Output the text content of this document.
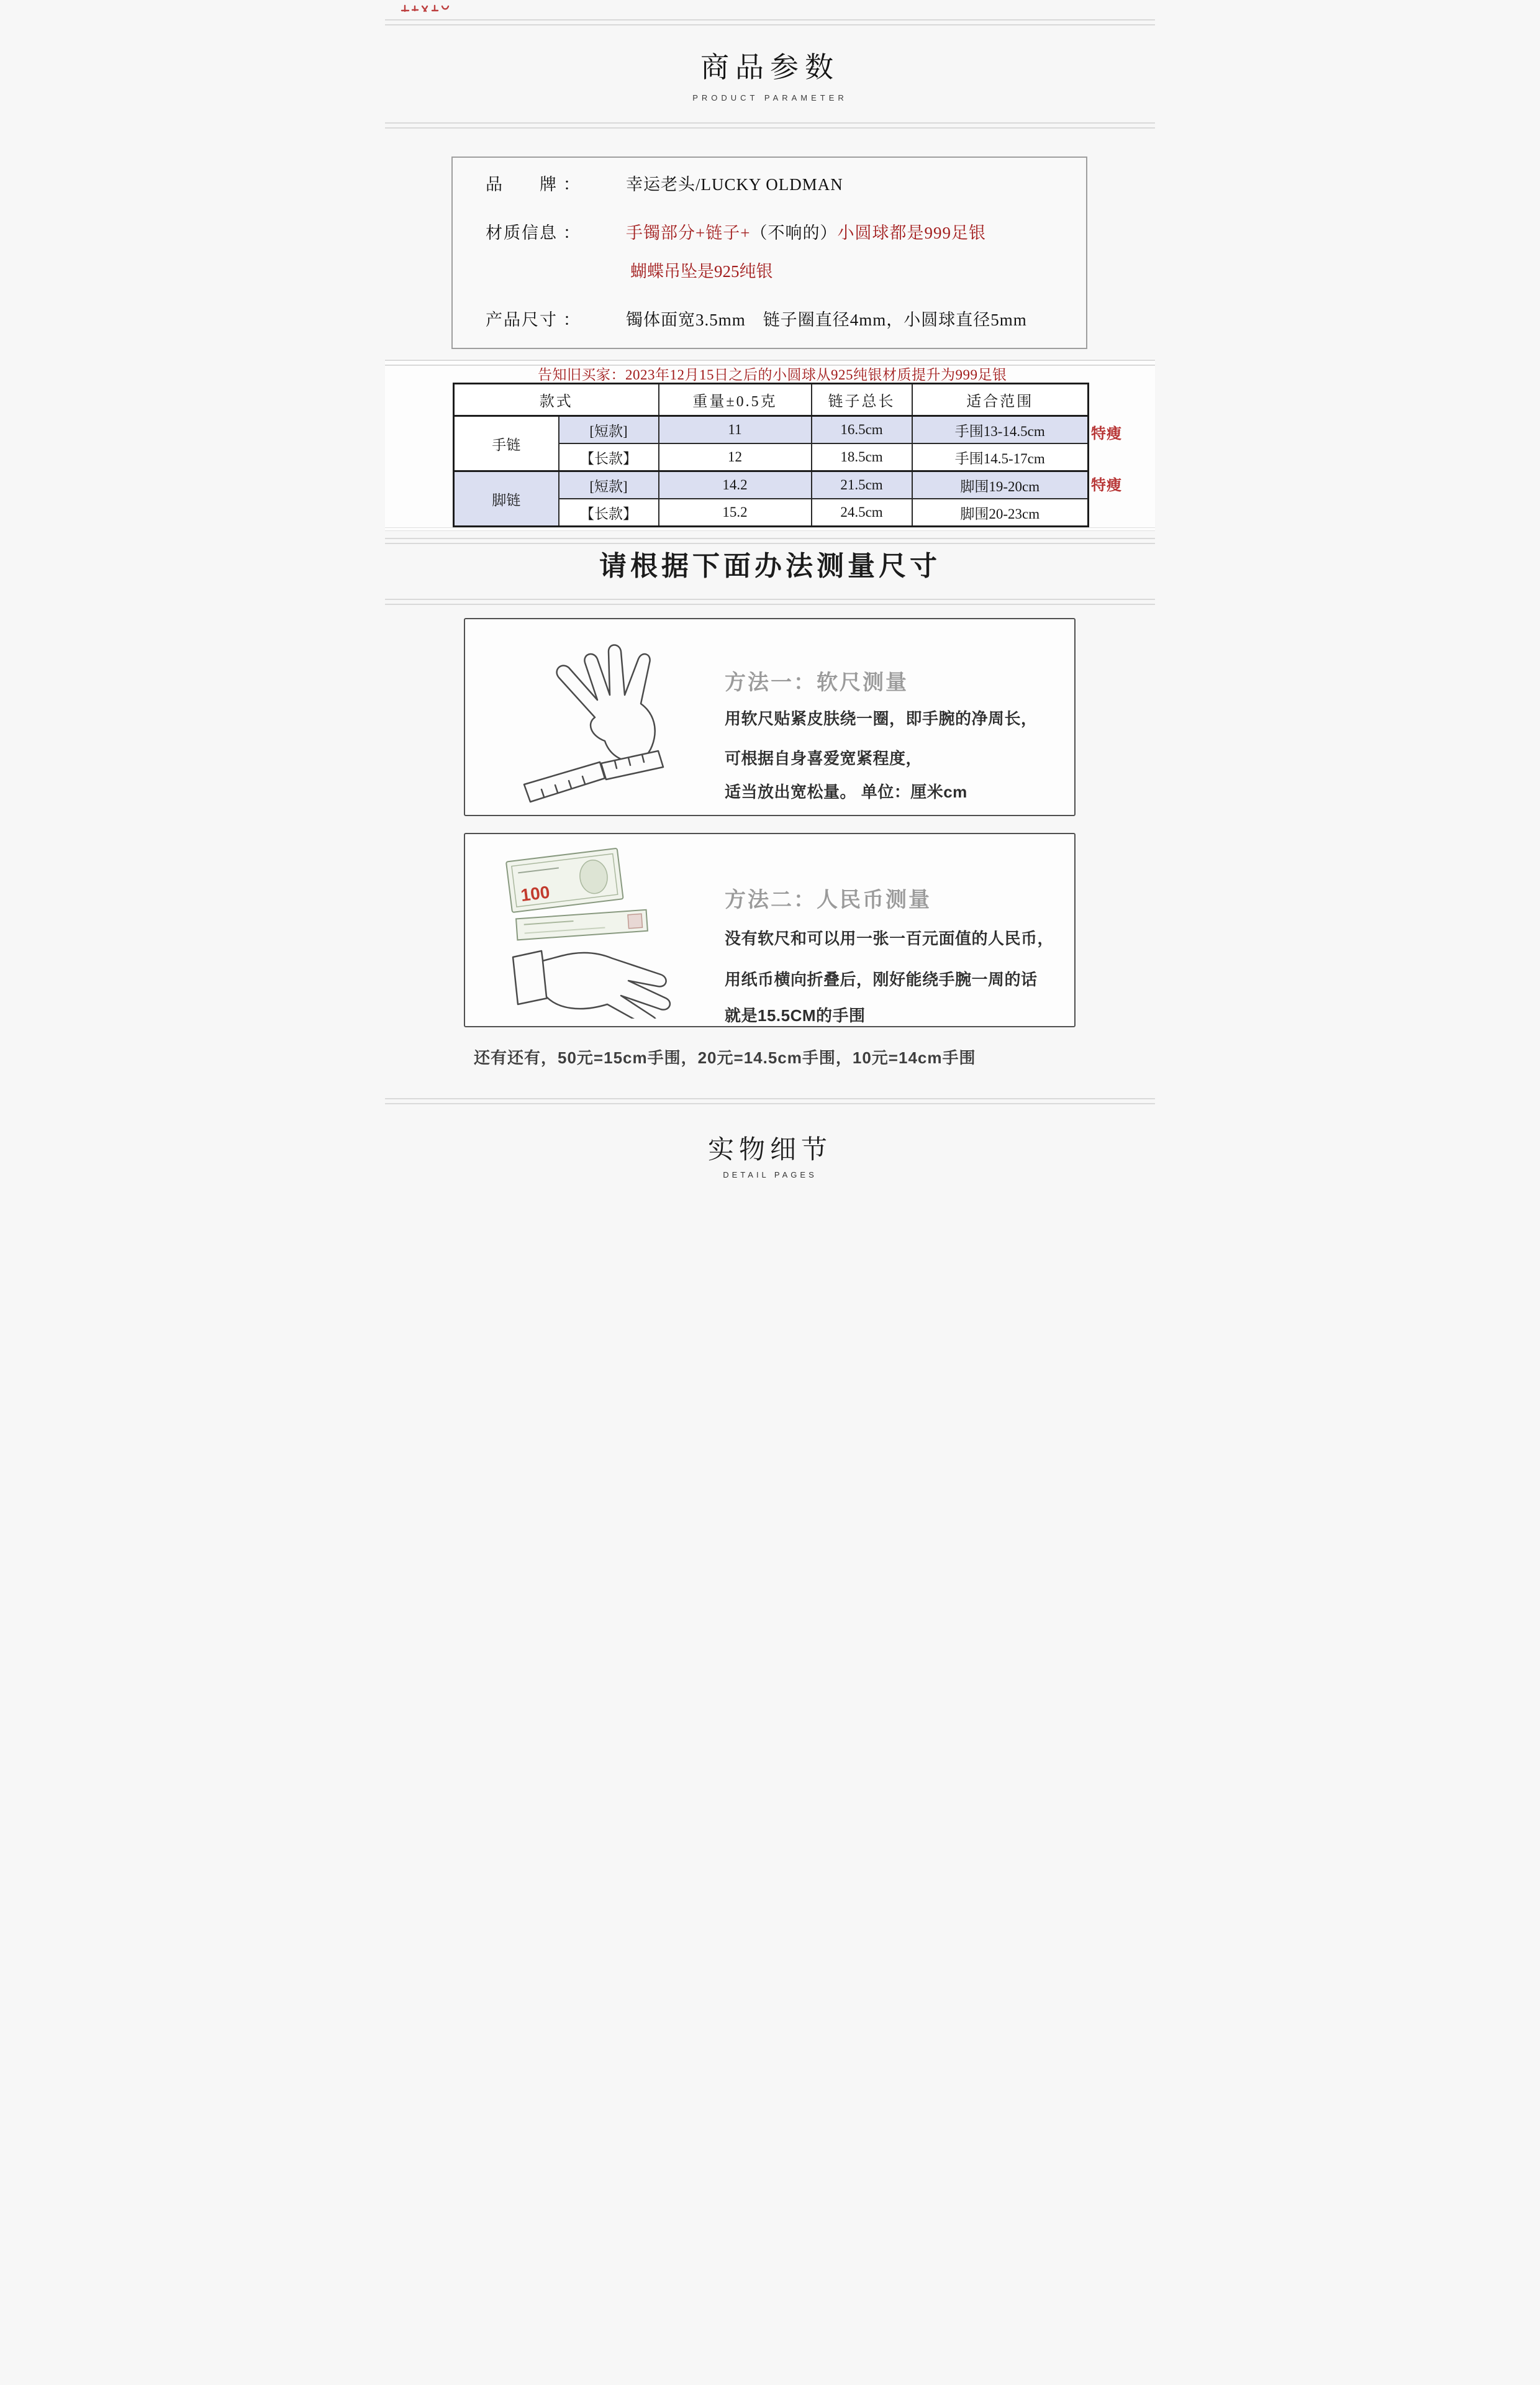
商品参数
PRODUCT PARAMETER
品　　牌 ：	幸运老头/LUCKY OLDMAN
材质信息 ：	手镯部分+链子+（不响的）小圆球都是999足银
蝴蝶吊坠是925纯银
产品尺寸 ：	镯体面宽3.5mm　链子圈直径4mm，小圆球直径5mm
告知旧买家：2023年12月15日之后的小圆球从925纯银材质提升为999足银
款式		重量±0.5克	链子总长	适合范围
手链	[短款]	11	16.5cm	手围13-14.5cm
	【长款】	12	18.5cm	手围14.5-17cm
脚链	[短款]	14.2	21.5cm	脚围19-20cm
	【长款】	15.2	24.5cm	脚围20-23cm
特瘦
特瘦
请根据下面办法测量尺寸
方法一：软尺测量
用软尺贴紧皮肤绕一圈，即手腕的净周长，
可根据自身喜爱宽紧程度，
适当放出宽松量。 单位：厘米cm
100	方法二：人民币测量
没有软尺和可以用一张一百元面值的人民币，
用纸币横向折叠后，刚好能绕手腕一周的话
就是15.5CM的手围
还有还有，50元=15cm手围，20元=14.5cm手围，10元=14cm手围
实物细节
DETAIL PAGES
